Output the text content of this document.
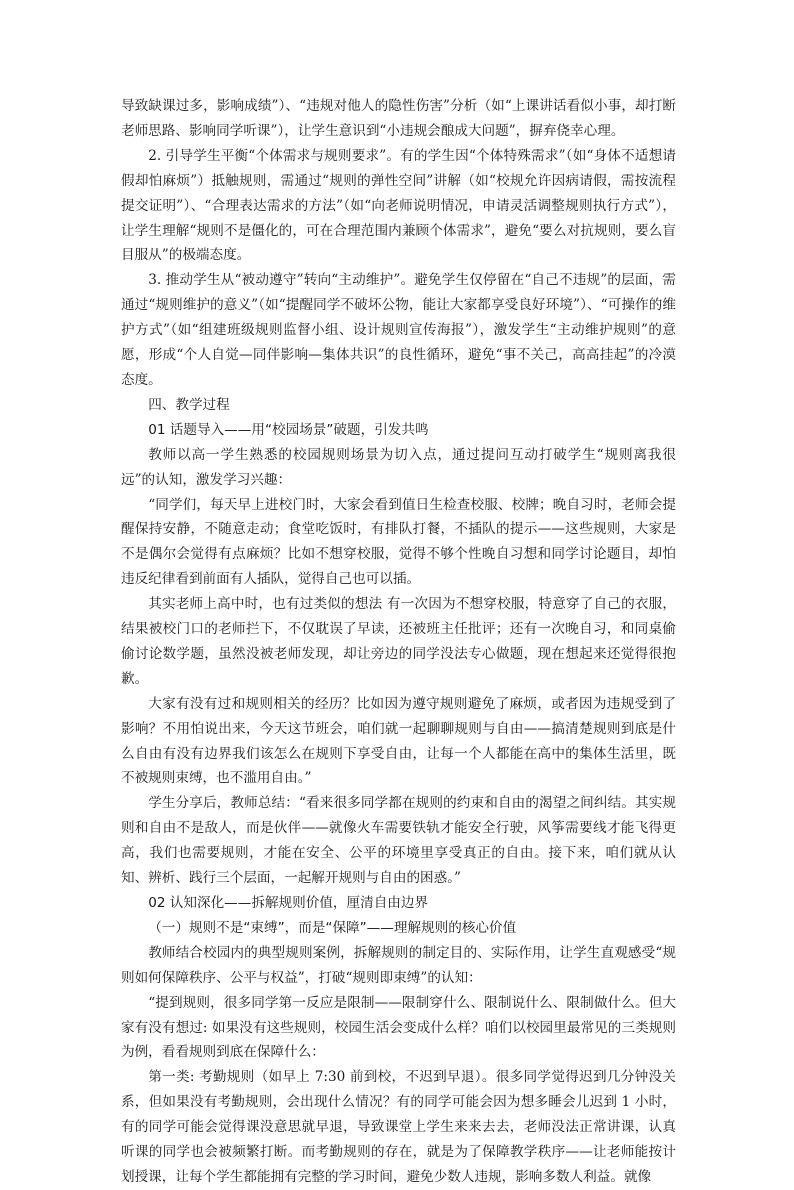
导致缺课过多，影响成绩”）、“违规对他人的隐性伤害”分析（如“上课讲话看似小事，却打断老师思路、影响同学听课”），让学生意识到“小违规会酿成大问题”，摒弃侥幸心理。

2. 引导学生平衡“个体需求与规则要求”。有的学生因“个体特殊需求”（如“身体不适想请假却怕麻烦”）抵触规则，需通过“规则的弹性空间”讲解（如“校规允许因病请假，需按流程提交证明”）、“合理表达需求的方法”（如“向老师说明情况，申请灵活调整规则执行方式”），让学生理解“规则不是僵化的，可在合理范围内兼顾个体需求”，避免“要么对抗规则，要么盲目服从”的极端态度。

3. 推动学生从“被动遵守”转向“主动维护”。避免学生仅停留在“自己不违规”的层面，需通过“规则维护的意义”（如“提醒同学不破坏公物，能让大家都享受良好环境”）、“可操作的维护方式”（如“组建班级规则监督小组、设计规则宣传海报”），激发学生“主动维护规则”的意愿，形成“个人自觉—同伴影响—集体共识”的良性循环，避免“事不关己，高高挂起”的冷漠态度。

四、教学过程

01 话题导入——用“校园场景”破题，引发共鸣

教师以高一学生熟悉的校园规则场景为切入点，通过提问互动打破学生“规则离我很远”的认知，激发学习兴趣：

“同学们，每天早上进校门时，大家会看到值日生检查校服、校牌；晚自习时，老师会提醒保持安静，不随意走动；食堂吃饭时，有排队打餐，不插队的提示——这些规则，大家是不是偶尔会觉得有点麻烦？比如不想穿校服，觉得不够个性晚自习想和同学讨论题目，却怕违反纪律看到前面有人插队，觉得自己也可以插。

其实老师上高中时，也有过类似的想法 有一次因为不想穿校服，特意穿了自己的衣服，结果被校门口的老师拦下，不仅耽误了早读，还被班主任批评；还有一次晚自习，和同桌偷偷讨论数学题，虽然没被老师发现，却让旁边的同学没法专心做题，现在想起来还觉得很抱歉。

大家有没有过和规则相关的经历？比如因为遵守规则避免了麻烦，或者因为违规受到了影响？不用怕说出来，今天这节班会，咱们就一起聊聊规则与自由——搞清楚规则到底是什么自由有没有边界我们该怎么在规则下享受自由，让每一个人都能在高中的集体生活里，既不被规则束缚，也不滥用自由。”

学生分享后，教师总结：“看来很多同学都在规则的约束和自由的渴望之间纠结。其实规则和自由不是敌人，而是伙伴——就像火车需要铁轨才能安全行驶，风筝需要线才能飞得更高，我们也需要规则，才能在安全、公平的环境里享受真正的自由。接下来，咱们就从认知、辨析、践行三个层面，一起解开规则与自由的困惑。”

02 认知深化——拆解规则价值，厘清自由边界

（一）规则不是“束缚”，而是“保障”——理解规则的核心价值

教师结合校园内的典型规则案例，拆解规则的制定目的、实际作用，让学生直观感受“规则如何保障秩序、公平与权益”，打破“规则即束缚”的认知：

“提到规则，很多同学第一反应是限制——限制穿什么、限制说什么、限制做什么。但大家有没有想过: 如果没有这些规则，校园生活会变成什么样？咱们以校园里最常见的三类规则为例，看看规则到底在保障什么：

第一类: 考勤规则（如早上 7:30 前到校，不迟到早退）。很多同学觉得迟到几分钟没关系，但如果没有考勤规则，会出现什么情况？有的同学可能会因为想多睡会儿迟到 1 小时，有的同学可能会觉得课没意思就早退，导致课堂上学生来来去去，老师没法正常讲课，认真听课的同学也会被频繁打断。而考勤规则的存在，就是为了保障教学秩序——让老师能按计划授课，让每个学生都能拥有完整的学习时间，避免少数人违规，影响多数人利益。就像
